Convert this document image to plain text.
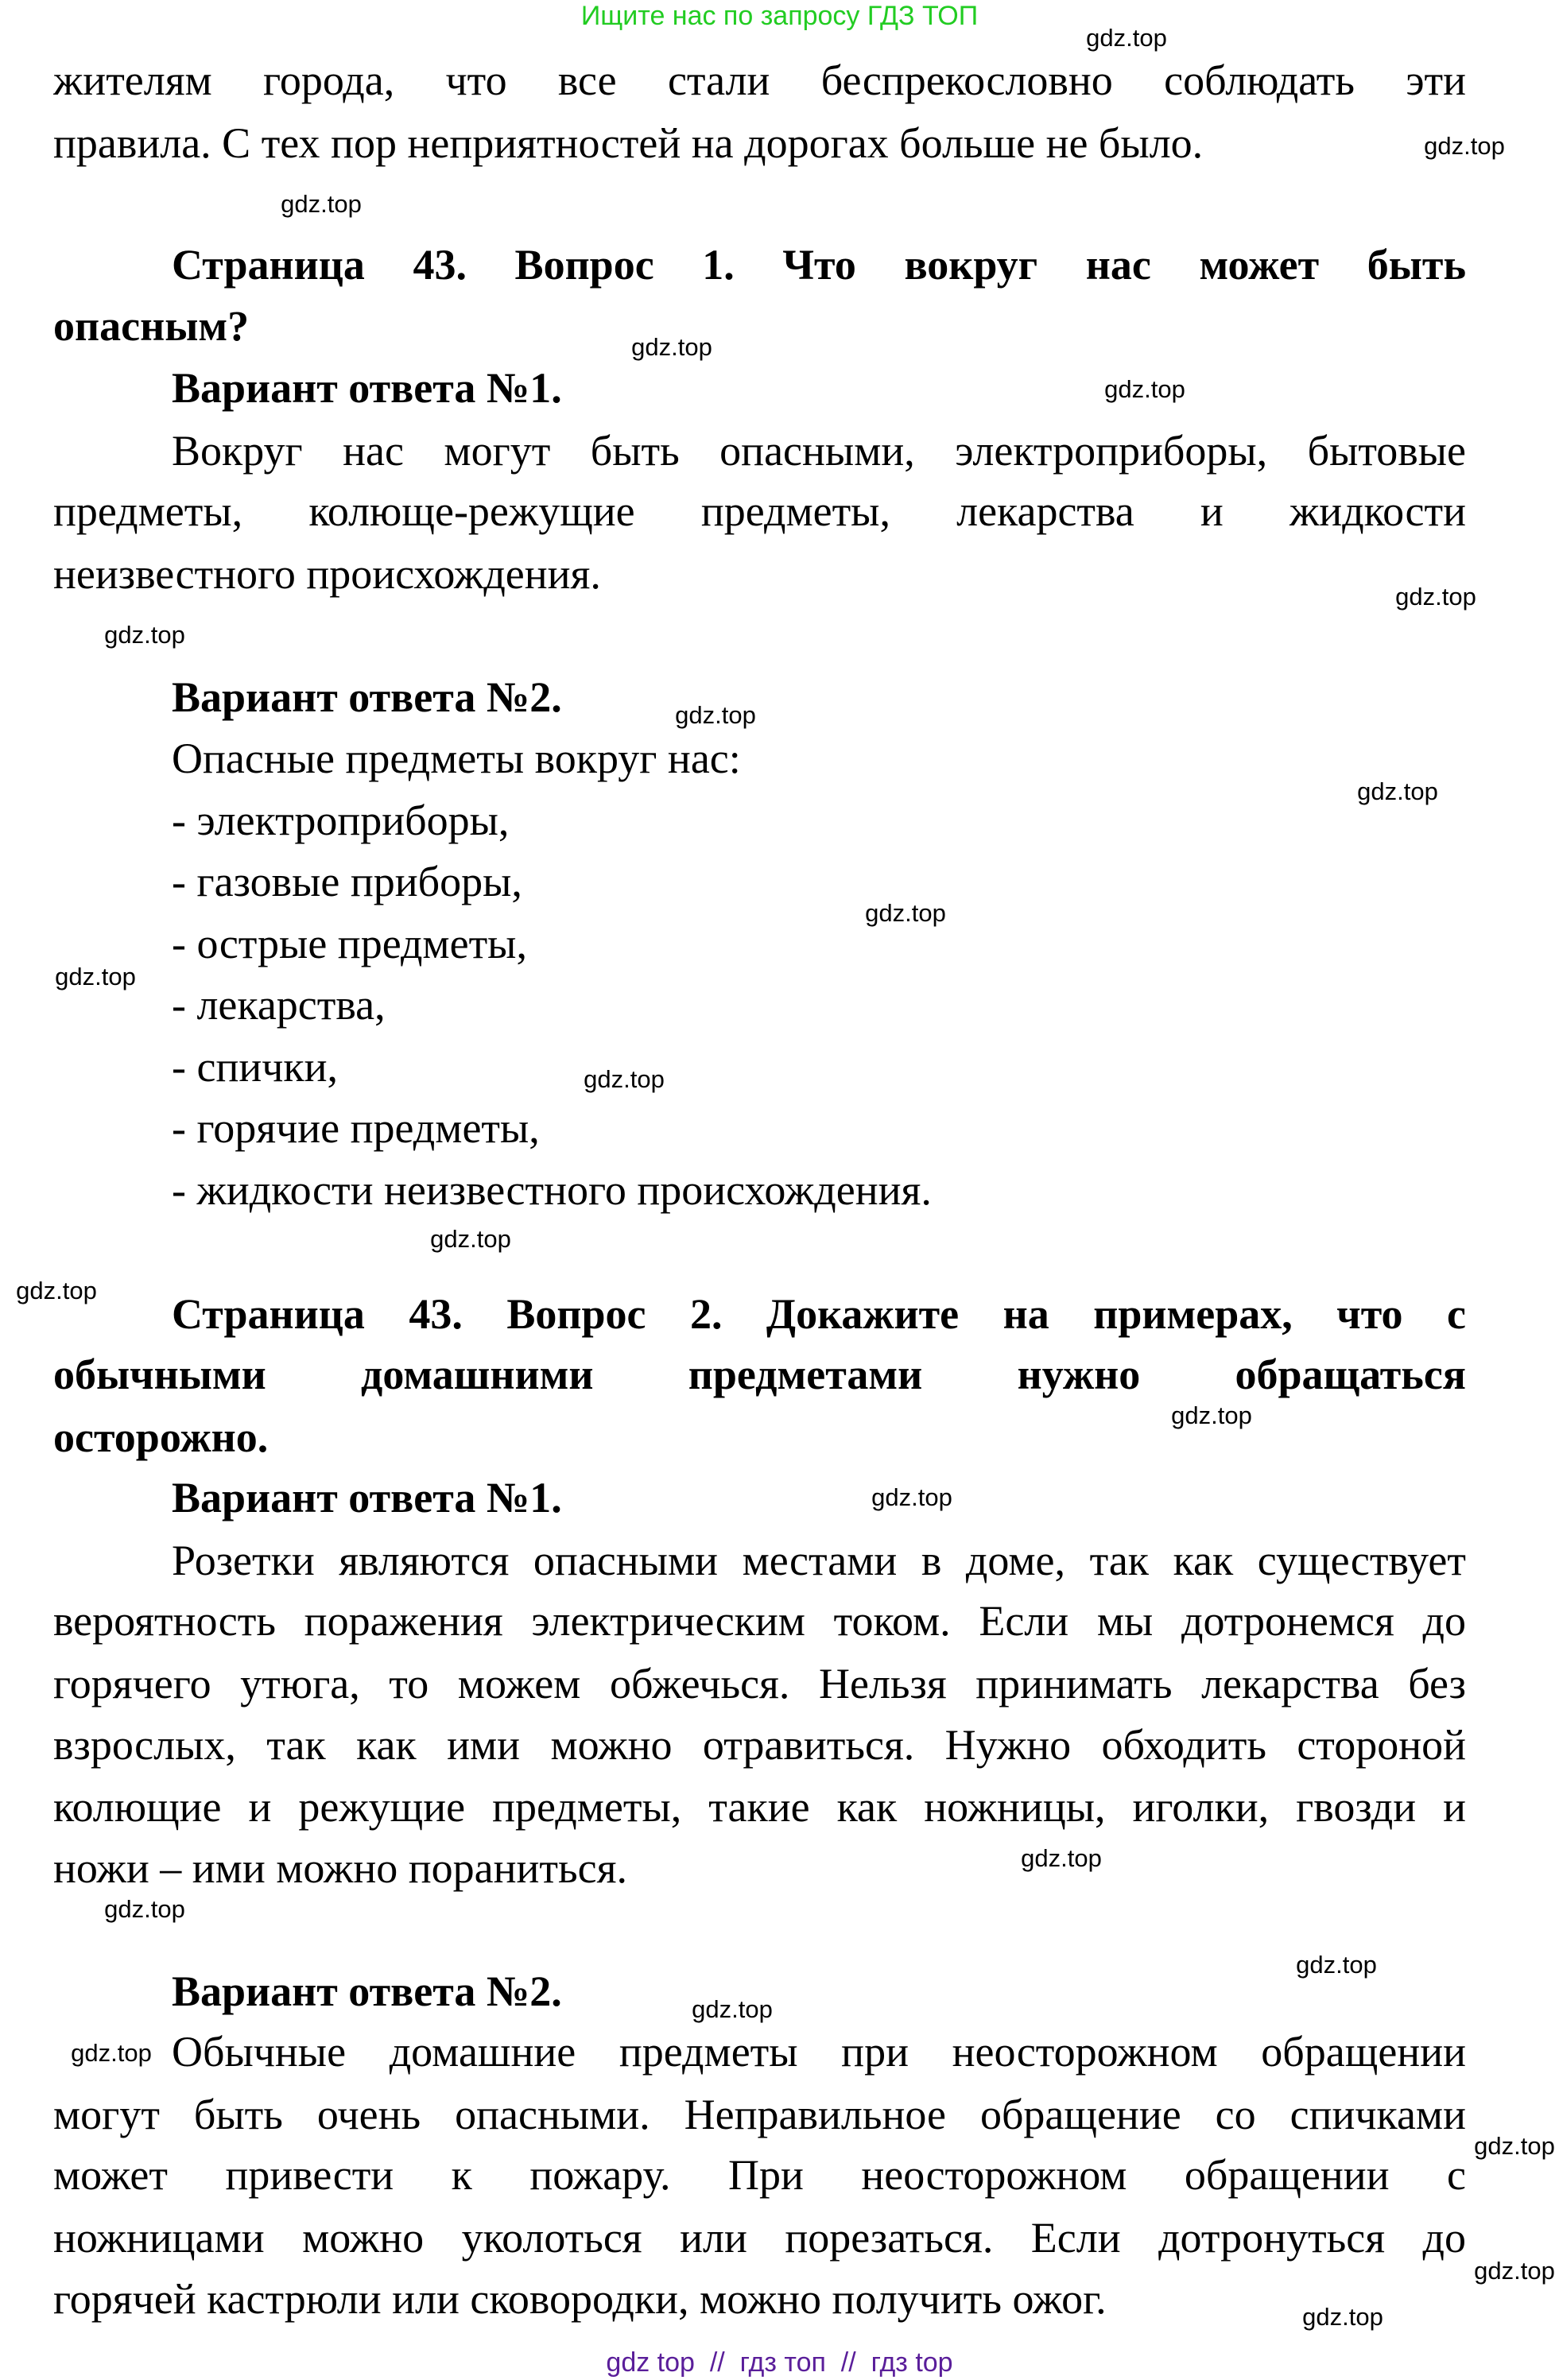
Ищите нас по запросу ГДЗ ТОП
жителям города, что все стали беспрекословно соблюдать эти
правила. С тех пор неприятностей на дорогах больше не было.
Страница 43. Вопрос 1. Что вокруг нас может быть
опасным?
Вариант ответа №1.
Вокруг нас могут быть опасными, электроприборы, бытовые
предметы, колюще-режущие предметы, лекарства и жидкости
неизвестного происхождения.
Вариант ответа №2.
Опасные предметы вокруг нас:
- электроприборы,
- газовые приборы,
- острые предметы,
- лекарства,
- спички,
- горячие предметы,
- жидкости неизвестного происхождения.
Страница 43. Вопрос 2. Докажите на примерах, что с
обычными домашними предметами нужно обращаться
осторожно.
Вариант ответа №1.
Розетки являются опасными местами в доме, так как существует
вероятность поражения электрическим током. Если мы дотронемся до
горячего утюга, то можем обжечься. Нельзя принимать лекарства без
взрослых, так как ими можно отравиться. Нужно обходить стороной
колющие и режущие предметы, такие как ножницы, иголки, гвозди и
ножи – ими можно пораниться.
Вариант ответа №2.
Обычные домашние предметы при неосторожном обращении
могут быть очень опасными. Неправильное обращение со спичками
может привести к пожару. При неосторожном обращении с
ножницами можно уколоться или порезаться. Если дотронуться до
горячей кастрюли или сковородки, можно получить ожог.
gdz.top
gdz.top
gdz.top
gdz.top
gdz.top
gdz.top
gdz.top
gdz.top
gdz.top
gdz.top
gdz.top
gdz.top
gdz.top
gdz.top
gdz.top
gdz.top
gdz.top
gdz.top
gdz.top
gdz.top
gdz.top
gdz.top
gdz.top
gdz.top
gdz top  //  гдз топ  //  гдз top
